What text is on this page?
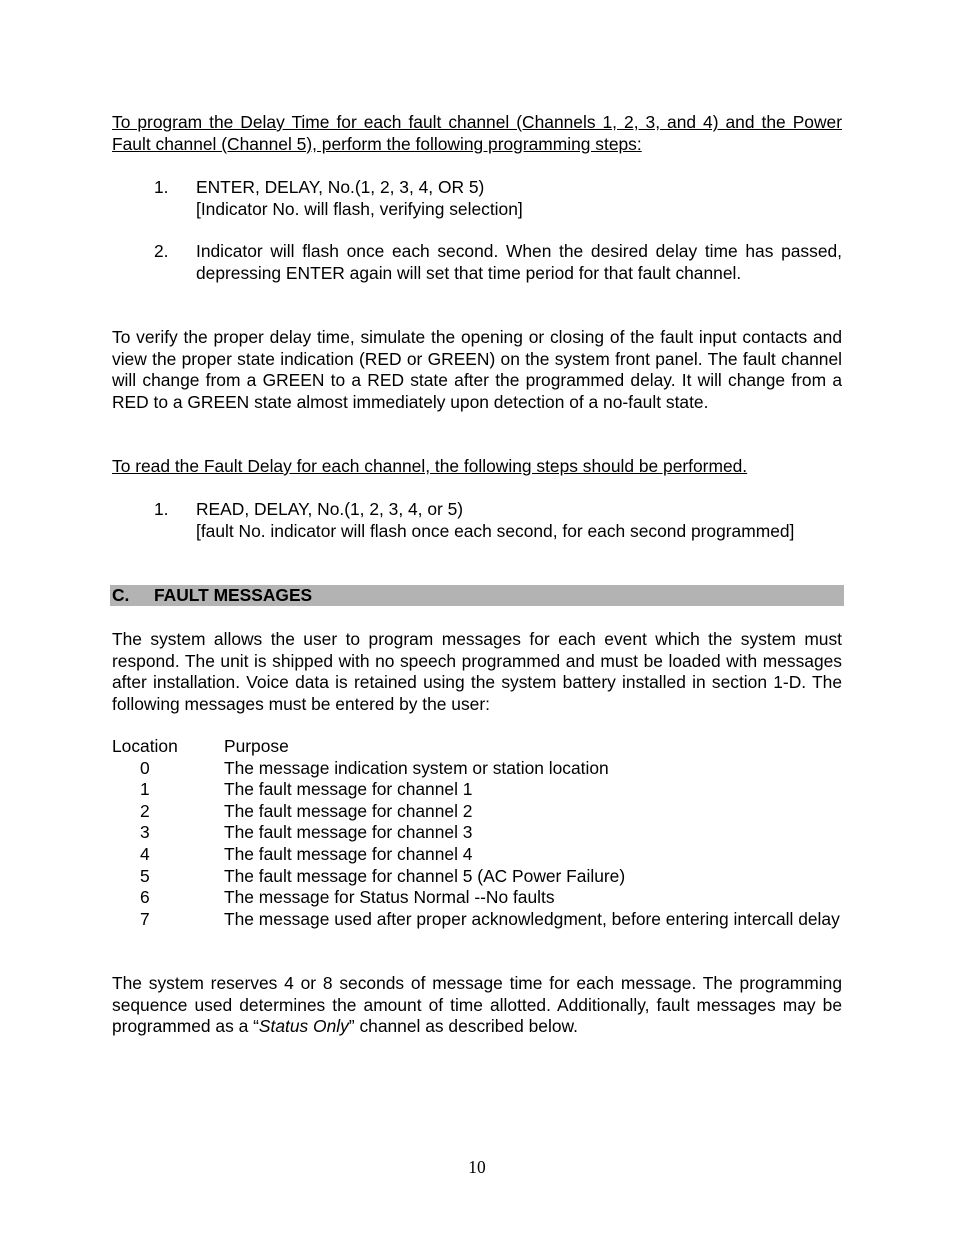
To program the Delay Time for each fault channel (Channels 1, 2, 3, and 4) and the Power Fault channel (Channel 5), perform the following programming steps:
1. ENTER, DELAY, No.(1, 2, 3, 4, OR 5)
[Indicator No. will flash, verifying selection]
2. Indicator will flash once each second. When the desired delay time has passed, depressing ENTER again will set that time period for that fault channel.
To verify the proper delay time, simulate the opening or closing of the fault input contacts and view the proper state indication (RED or GREEN) on the system front panel. The fault channel will change from a GREEN to a RED state after the programmed delay. It will change from a RED to a GREEN state almost immediately upon detection of a no-fault state.
To read the Fault Delay for each channel, the following steps should be performed.
1. READ, DELAY, No.(1, 2, 3, 4, or 5)
[fault No. indicator will flash once each second, for each second programmed]
C. FAULT MESSAGES
The system allows the user to program messages for each event which the system must respond. The unit is shipped with no speech programmed and must be loaded with messages after installation. Voice data is retained using the system battery installed in section 1-D. The following messages must be entered by the user:
Location	Purpose
0	The message indication system or station location
1	The fault message for channel 1
2	The fault message for channel 2
3	The fault message for channel 3
4	The fault message for channel 4
5	The fault message for channel 5 (AC Power Failure)
6	The message for Status Normal --No faults
7	The message used after proper acknowledgment, before entering intercall delay
The system reserves 4 or 8 seconds of message time for each message. The programming sequence used determines the amount of time allotted. Additionally, fault messages may be programmed as a “Status Only” channel as described below.
10
